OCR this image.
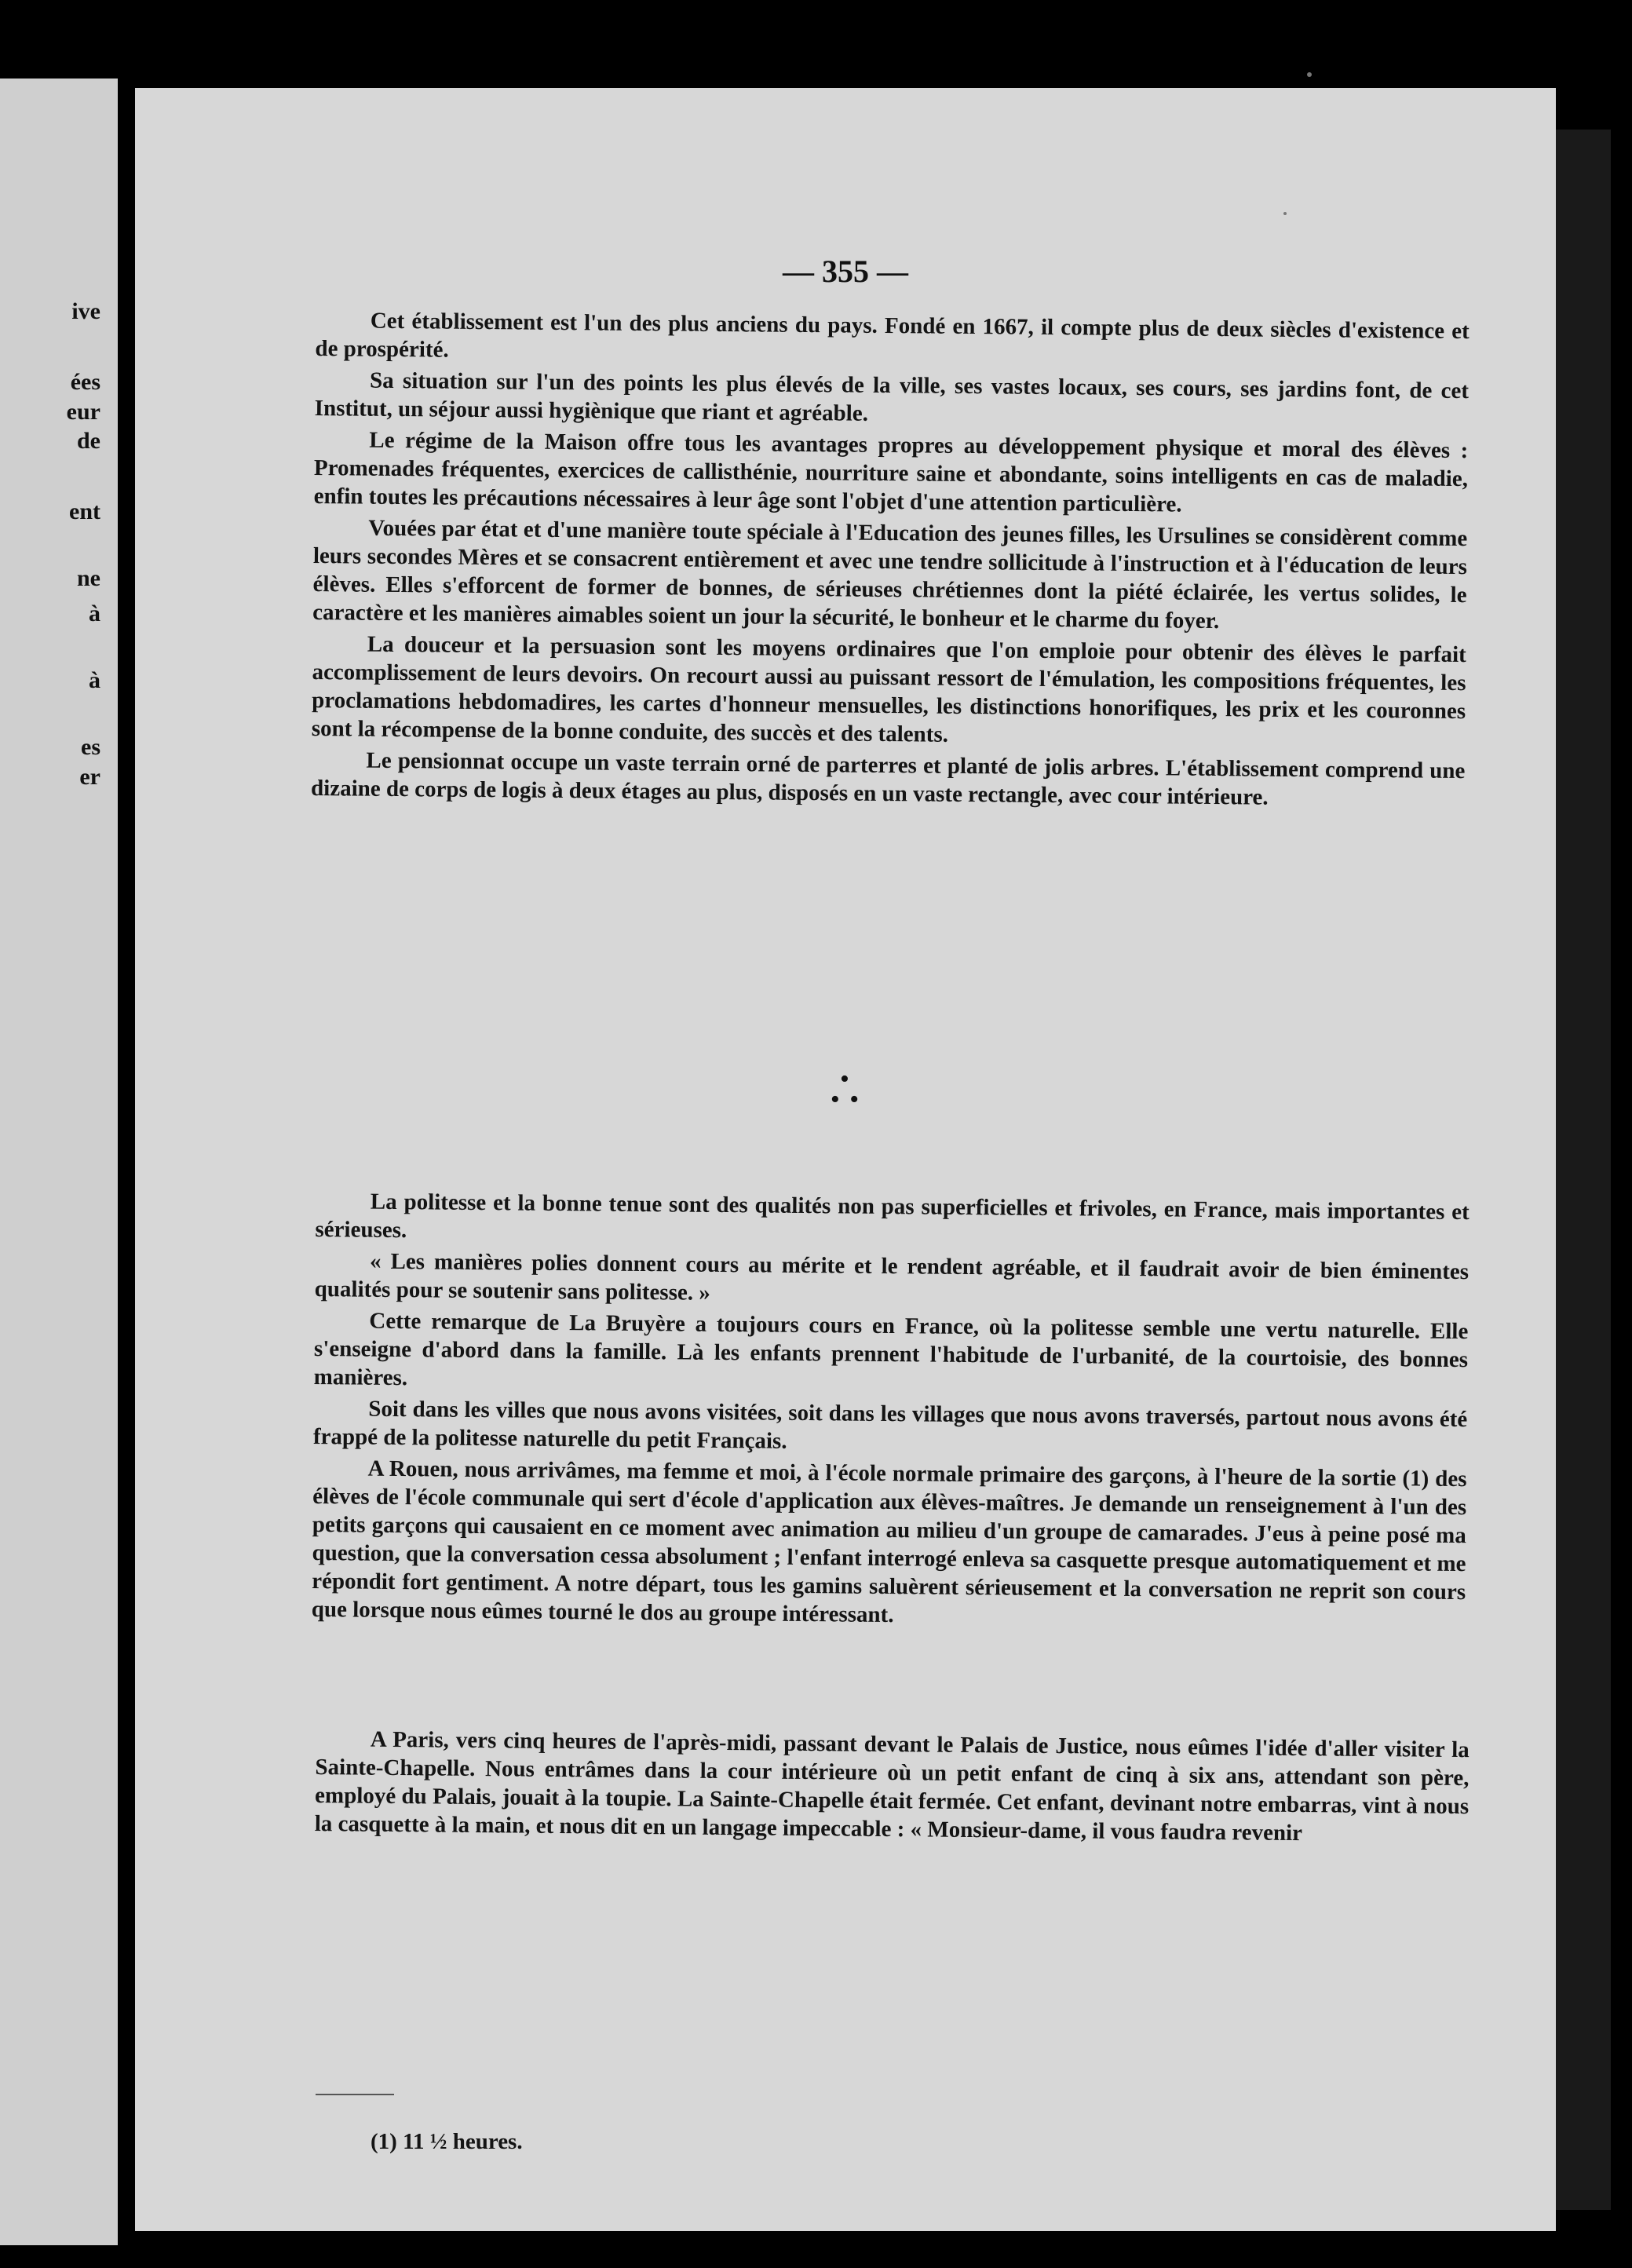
ive
ées
eur
de
ent
ne
à
à
es
er
— 355 —

Cet établissement est l'un des plus anciens du pays. Fondé en 1667, il compte plus de deux siècles d'existence et de prospérité.

Sa situation sur l'un des points les plus élevés de la ville, ses vastes locaux, ses cours, ses jardins font, de cet Institut, un séjour aussi hygiènique que riant et agréable.

Le régime de la Maison offre tous les avantages propres au développement physique et moral des élèves : Promenades fréquentes, exercices de callisthénie, nourriture saine et abondante, soins intelligents en cas de maladie, enfin toutes les précautions nécessaires à leur âge sont l'objet d'une attention particulière.

Vouées par état et d'une manière toute spéciale à l'Education des jeunes filles, les Ursulines se considèrent comme leurs secondes Mères et se consacrent entièrement et avec une tendre sollicitude à l'instruction et à l'éducation de leurs élèves. Elles s'efforcent de former de bonnes, de sérieuses chrétiennes dont la piété éclairée, les vertus solides, le caractère et les manières aimables soient un jour la sécurité, le bonheur et le charme du foyer.

La douceur et la persuasion sont les moyens ordinaires que l'on emploie pour obtenir des élèves le parfait accomplissement de leurs devoirs. On recourt aussi au puissant ressort de l'émulation, les compositions fréquentes, les proclamations hebdomadires, les cartes d'honneur mensuelles, les distinctions honorifiques, les prix et les couronnes sont la récompense de la bonne conduite, des succès et des talents.

Le pensionnat occupe un vaste terrain orné de parterres et planté de jolis arbres. L'établissement comprend une dizaine de corps de logis à deux étages au plus, disposés en un vaste rectangle, avec cour intérieure.

•
• •

La politesse et la bonne tenue sont des qualités non pas superficielles et frivoles, en France, mais importantes et sérieuses.

« Les manières polies donnent cours au mérite et le rendent agréable, et il faudrait avoir de bien éminentes qualités pour se soutenir sans politesse. »

Cette remarque de La Bruyère a toujours cours en France, où la politesse semble une vertu naturelle. Elle s'enseigne d'abord dans la famille. Là les enfants prennent l'habitude de l'urbanité, de la courtoisie, des bonnes manières.

Soit dans les villes que nous avons visitées, soit dans les villages que nous avons traversés, partout nous avons été frappé de la politesse naturelle du petit Français.

A Rouen, nous arrivâmes, ma femme et moi, à l'école normale primaire des garçons, à l'heure de la sortie (1) des élèves de l'école communale qui sert d'école d'application aux élèves-maîtres. Je demande un renseignement à l'un des petits garçons qui causaient en ce moment avec animation au milieu d'un groupe de camarades. J'eus à peine posé ma question, que la conversation cessa absolument ; l'enfant interrogé enleva sa casquette presque automatiquement et me répondit fort gentiment. A notre départ, tous les gamins saluèrent sérieusement et la conversation ne reprit son cours que lorsque nous eûmes tourné le dos au groupe intéressant.

A Paris, vers cinq heures de l'après-midi, passant devant le Palais de Justice, nous eûmes l'idée d'aller visiter la Sainte-Chapelle. Nous entrâmes dans la cour intérieure où un petit enfant de cinq à six ans, attendant son père, employé du Palais, jouait à la toupie. La Sainte-Chapelle était fermée. Cet enfant, devinant notre embarras, vint à nous la casquette à la main, et nous dit en un langage impeccable : « Monsieur-dame, il vous faudra revenir

(1) 11 ½ heures.
